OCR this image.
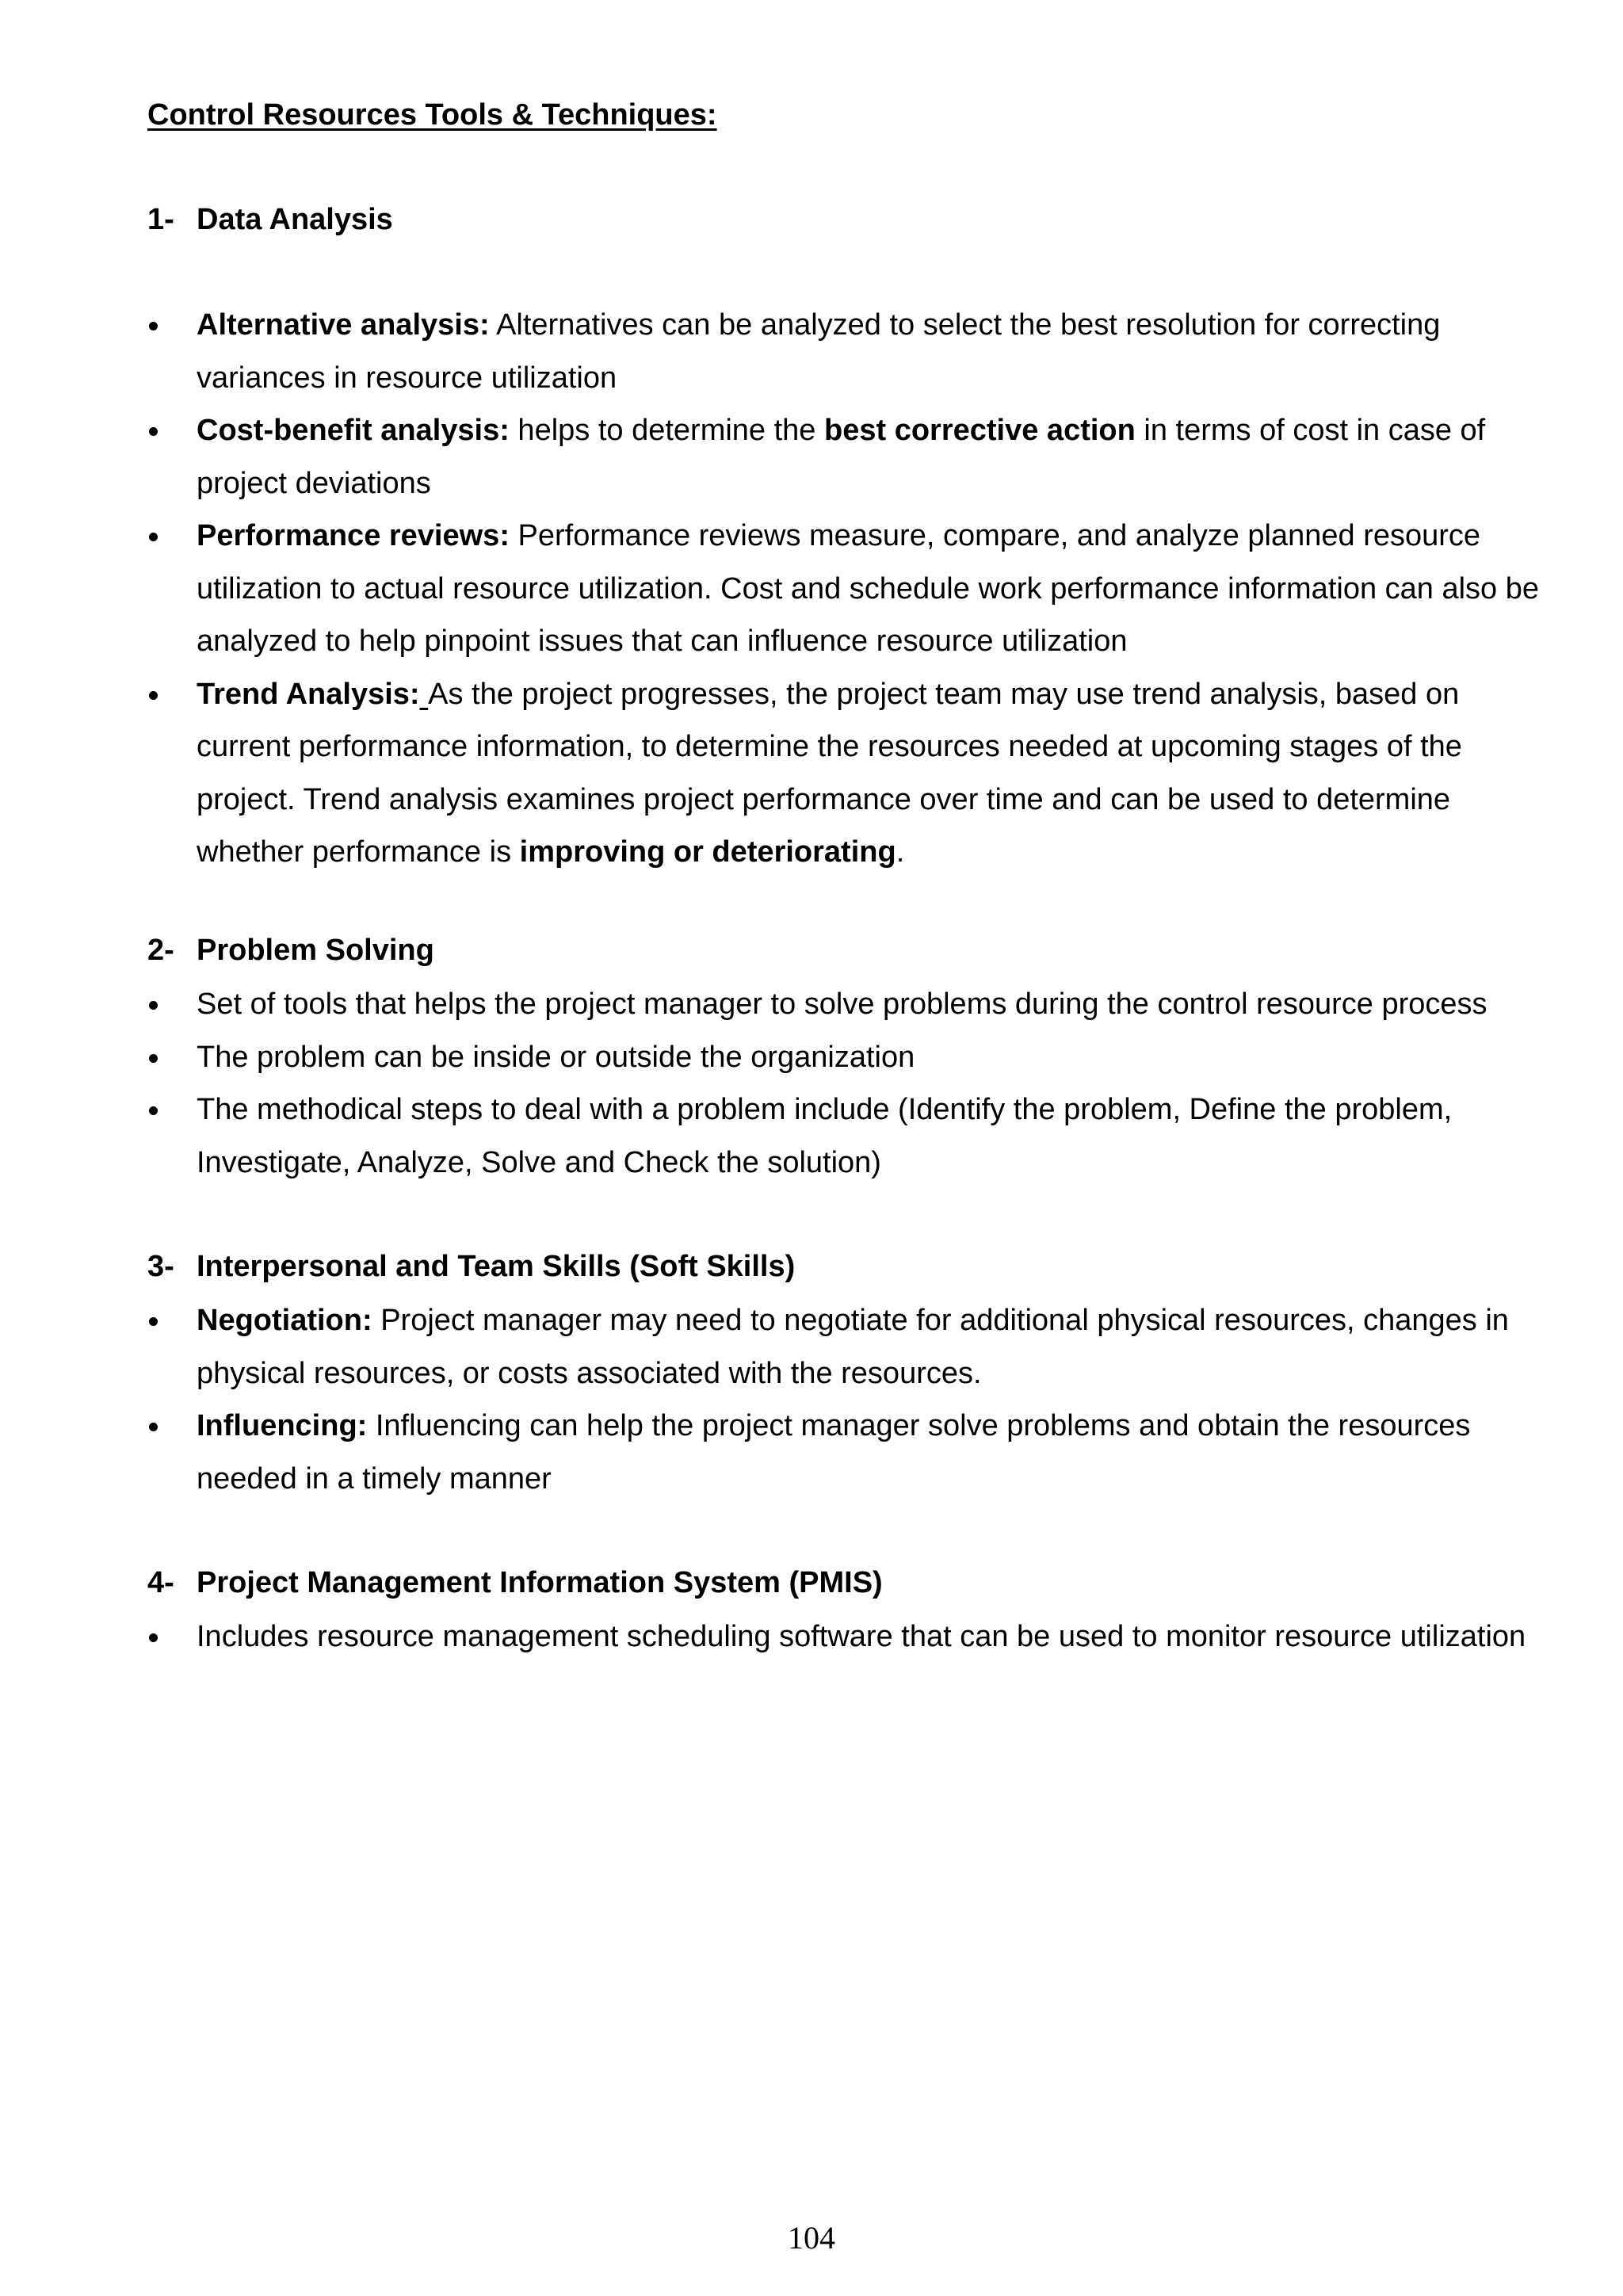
Control Resources Tools & Techniques:
1- Data Analysis
Alternative analysis: Alternatives can be analyzed to select the best resolution for correcting variances in resource utilization
Cost-benefit analysis: helps to determine the best corrective action in terms of cost in case of project deviations
Performance reviews: Performance reviews measure, compare, and analyze planned resource utilization to actual resource utilization. Cost and schedule work performance information can also be analyzed to help pinpoint issues that can influence resource utilization
Trend Analysis: As the project progresses, the project team may use trend analysis, based on current performance information, to determine the resources needed at upcoming stages of the project. Trend analysis examines project performance over time and can be used to determine whether performance is improving or deteriorating.
2- Problem Solving
Set of tools that helps the project manager to solve problems during the control resource process
The problem can be inside or outside the organization
The methodical steps to deal with a problem include (Identify the problem, Define the problem, Investigate, Analyze, Solve and Check the solution)
3- Interpersonal and Team Skills (Soft Skills)
Negotiation: Project manager may need to negotiate for additional physical resources, changes in physical resources, or costs associated with the resources.
Influencing: Influencing can help the project manager solve problems and obtain the resources needed in a timely manner
4- Project Management Information System (PMIS)
Includes resource management scheduling software that can be used to monitor resource utilization
104
